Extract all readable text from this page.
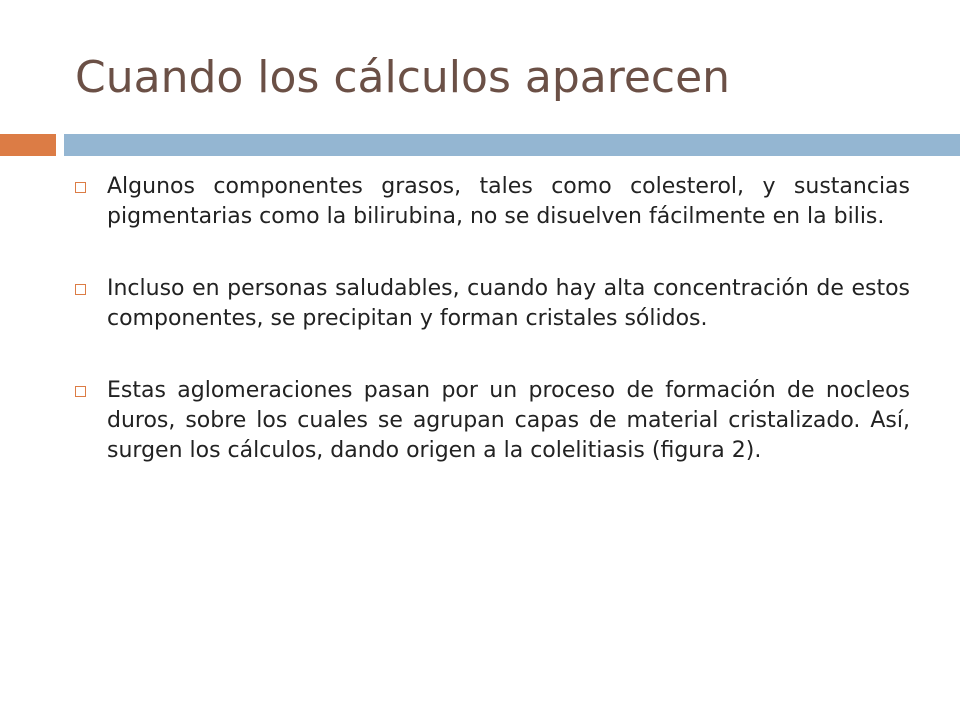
Cuando los cálculos aparecen
Algunos componentes grasos, tales como colesterol, y sustancias pigmentarias como la bilirubina, no se disuelven fácilmente en la bilis.
Incluso en personas saludables, cuando hay alta concentración de estos componentes, se precipitan y forman cristales sólidos.
Estas aglomeraciones pasan por un proceso de formación de nocleos duros, sobre los cuales se agrupan capas de material cristalizado. Así, surgen los cálculos, dando origen a la colelitiasis (figura 2).
